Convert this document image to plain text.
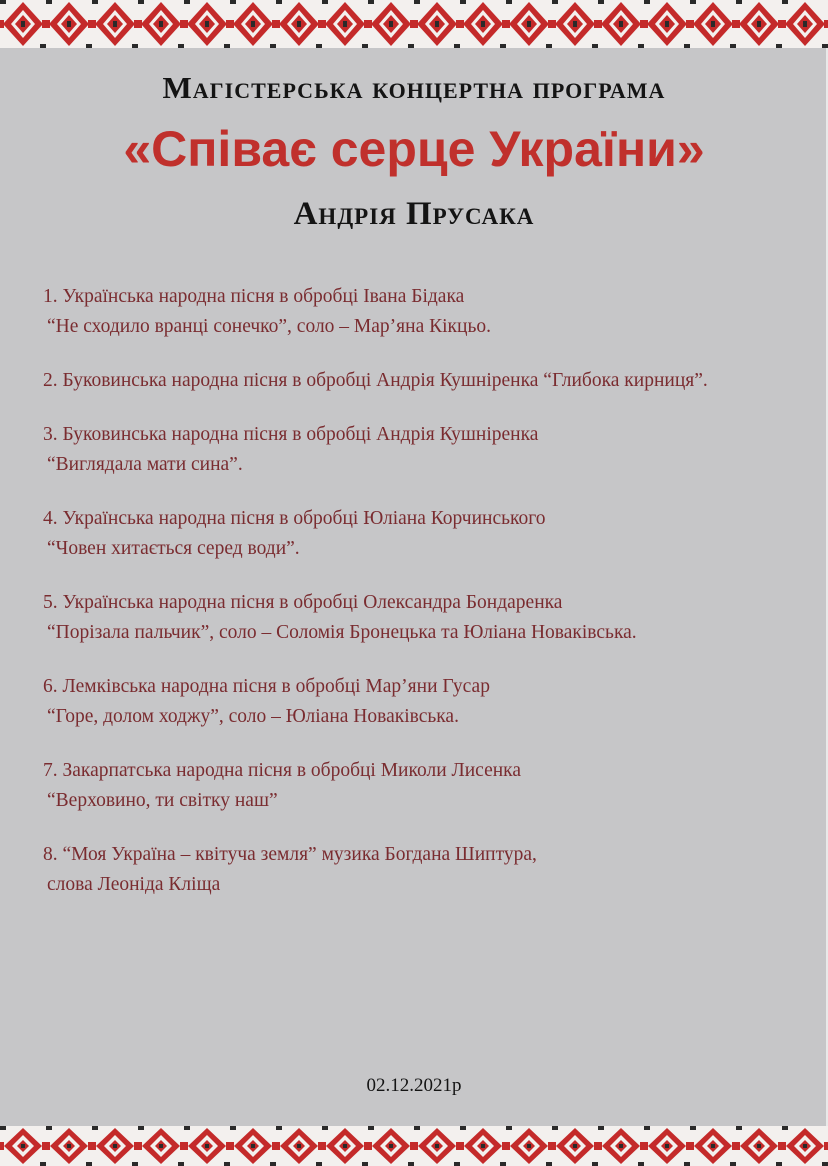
Магістерська концертна програма
«Співає серце України»
Андрія Прусака
1. Українська народна пісня в обробці Івана Бідака
“Не сходило вранці сонечко”, соло – Мар’яна Кікцьо.
2. Буковинська народна пісня в обробці Андрія Кушніренка “Глибока кирниця”.
3. Буковинська народна пісня в обробці Андрія Кушніренка
“Виглядала мати сина”.
4. Українська народна пісня в обробці Юліана Корчинського
“Човен хитається серед води”.
5. Українська народна пісня в обробці Олександра Бондаренка
“Порізала пальчик”, соло – Соломія Бронецька та Юліана Новаківська.
6. Лемківська народна пісня в обробці Мар’яни Гусар
“Горе, долом ходжу”, соло – Юліана Новаківська.
7. Закарпатська народна пісня в обробці Миколи Лисенка
“Верховино, ти світку наш”
8. “Моя Україна – квітуча земля” музика Богдана Шиптура,
слова Леоніда Кліща
02.12.2021р
